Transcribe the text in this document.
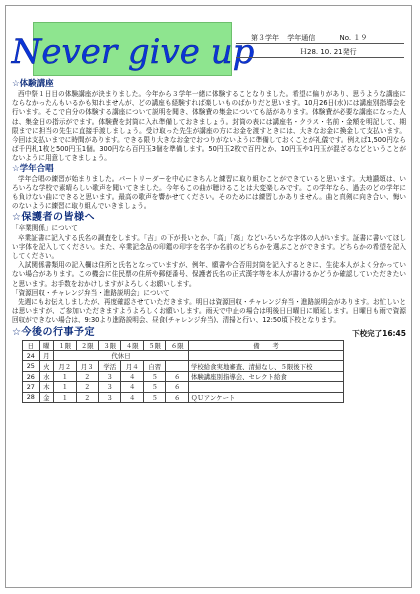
Never give up
第３学年 学年通信	No. １９
Ｈ28. 10. 21発行

☆体験講座

西中祭１日目の体験講座が決まりました。今年から３学年一緒に体験することなりました。希望に偏りがあり、思うような講座にならなかったんもいるかも知れませんが、どの講座も経験すれば楽しいものばかりだと思います。10月26日(水)には講座別指導会を行います。そこで自分の体験する講座について説明を聞き、体験費の集金についても話があります。体験費が必要な講座になった人は、集金日の指示がでます。体験費を封筒に入れ準備しておきましょう。封筒の表には講座名・クラス・名前・金額を明記して、期限までに担当の先生に直接手渡しましょう。受け取った先生が講座の方にお金を渡すときには、大きなお金に換金して支払います。今回は支払いまでに時間があります。できる限り大きなお金でおつりがないように準備しておくことが礼儀です。例えば1,500円ならば千円札1枚と500円玉1個。300円なら百円玉3個を準備します。50円玉2枚で百円とか、10円玉や1円玉が混ざるなどということがないように用意してきましょう。

☆学年合唱

学年合唱の練習が始まりました。パートリーダーを中心にきちんと練習に取り組むことができていると思います。大地讃頌は、いろいろな学校で素晴らしい歌声を聞いてきました。今年もこの曲が聴けることは大変楽しみです。この学年なら、過去のどの学年にも負けない曲にできると思います。最高の歌声を響かせてください。そのためには練習しかありません。曲と真剣に向き合い、悔いのないように練習に取り組んでいきましょう。

☆保護者の皆様へ

「卒業関係」について

卒業証書に記入する氏名の調査をします。「吉」の下が長いとか、「高」「髙」などいろいろな字体の人がいます。証書に書いてほしい字体を記入してください。また、卒業記念品の印鑑の印字を名字か名前のどちらかを選ぶことができます。どちらかの希望を記入してください。

入試関係書類用の記入欄は住所と氏名となっていますが、例年、願書や合否用封筒を記入するときに、生徒本人がよく分かっていない場合があります。この機会に住民票の住所や郵便番号、保護者氏名の正式漢字等を本人が書けるかどうか確認していただきたいと思います。お手数をおかけしますがよろしくお願いします。

「資源回収・チャレンジ弁当・進路説明会」について

先週にもお伝えしましたが、再度確認させていただきます。明日は資源回収・チャレンジ弁当・進路説明会があります。お忙しいとは思いますが、ご参加いただきますようよろしくお願いします。雨天で中止の場合は明後日日曜日に順延します。日曜日も雨で資源回収ができない場合は、9:30より進路説明会、昼食(チャレンジ弁当)、清掃と行い、12:50頃下校となります。

☆今後の行事予定	下校完了16:45
日	曜	１限	２限	３限	４限	５限	６限	備　　考
24	月	代休日						
25	火	月２	月３	学活	月４	自習		学校給食実地審査、清掃なし、５限後下校
26	水	１	２	３	４	５	６	体験講座別指導会、セレクト給食
27	木	１	２	３	４	５	６	
28	金	１	２	３	４	５	６	ＱＵアンケート
